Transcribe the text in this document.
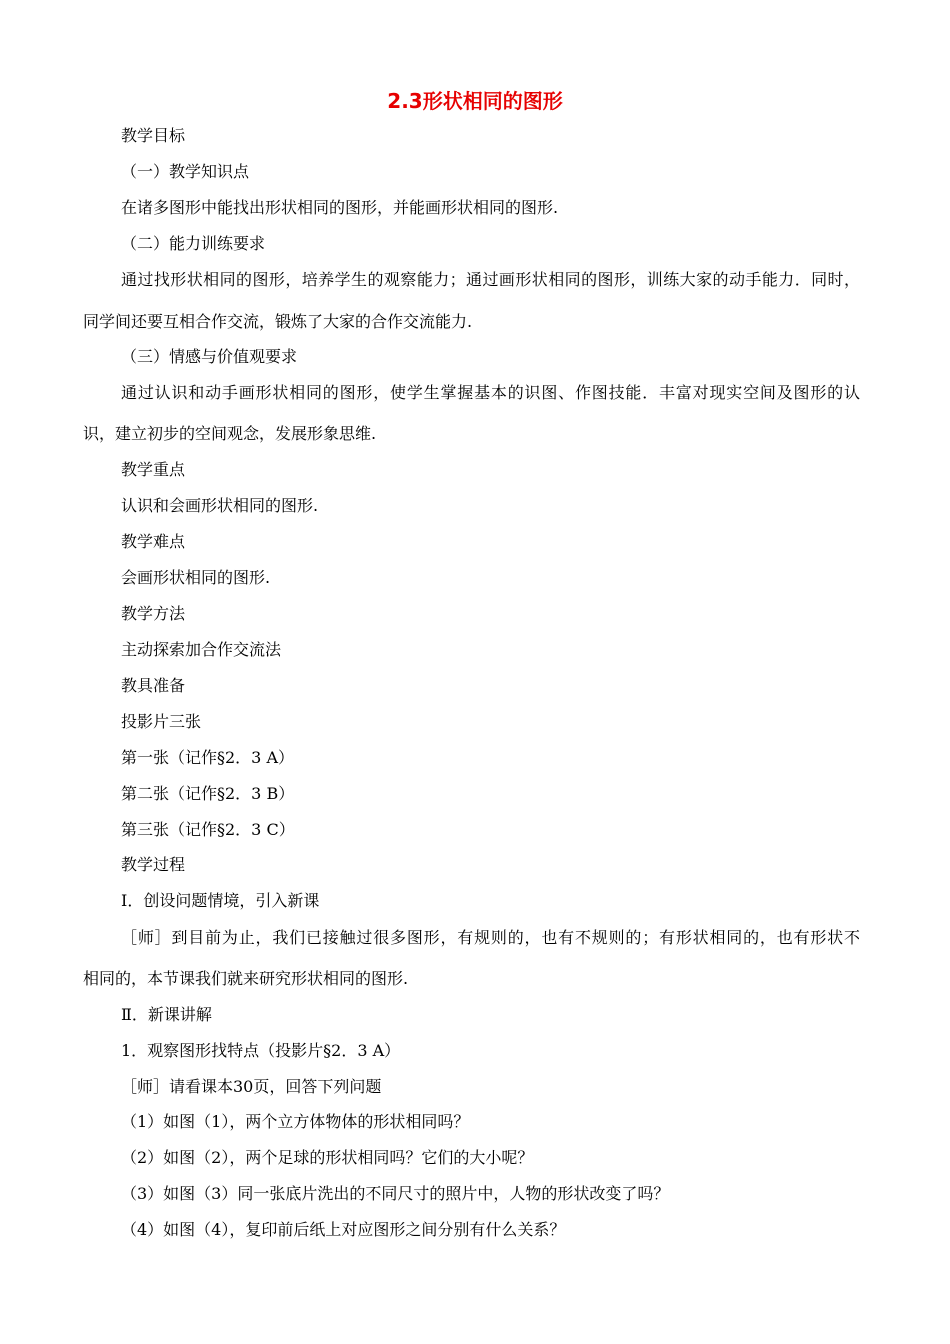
2.3形状相同的图形
教学目标
（一）教学知识点
在诸多图形中能找出形状相同的图形，并能画形状相同的图形.
（二）能力训练要求
通过找形状相同的图形，培养学生的观察能力；通过画形状相同的图形，训练大家的动手能力．同时，
同学间还要互相合作交流，锻炼了大家的合作交流能力.
（三）情感与价值观要求
通过认识和动手画形状相同的图形，使学生掌握基本的识图、作图技能．丰富对现实空间及图形的认
识，建立初步的空间观念，发展形象思维.
教学重点
认识和会画形状相同的图形.
教学难点
会画形状相同的图形.
教学方法
主动探索加合作交流法
教具准备
投影片三张
第一张（记作§2．3 A）
第二张（记作§2．3 B）
第三张（记作§2．3 C）
教学过程
Ⅰ．创设问题情境，引入新课
［师］到目前为止，我们已接触过很多图形，有规则的，也有不规则的；有形状相同的，也有形状不
相同的，本节课我们就来研究形状相同的图形.
Ⅱ．新课讲解
1．观察图形找特点（投影片§2．3 A）
［师］请看课本30页，回答下列问题
（1）如图（1），两个立方体物体的形状相同吗？
（2）如图（2），两个足球的形状相同吗？它们的大小呢？
（3）如图（3）同一张底片洗出的不同尺寸的照片中，人物的形状改变了吗？
（4）如图（4），复印前后纸上对应图形之间分别有什么关系？
